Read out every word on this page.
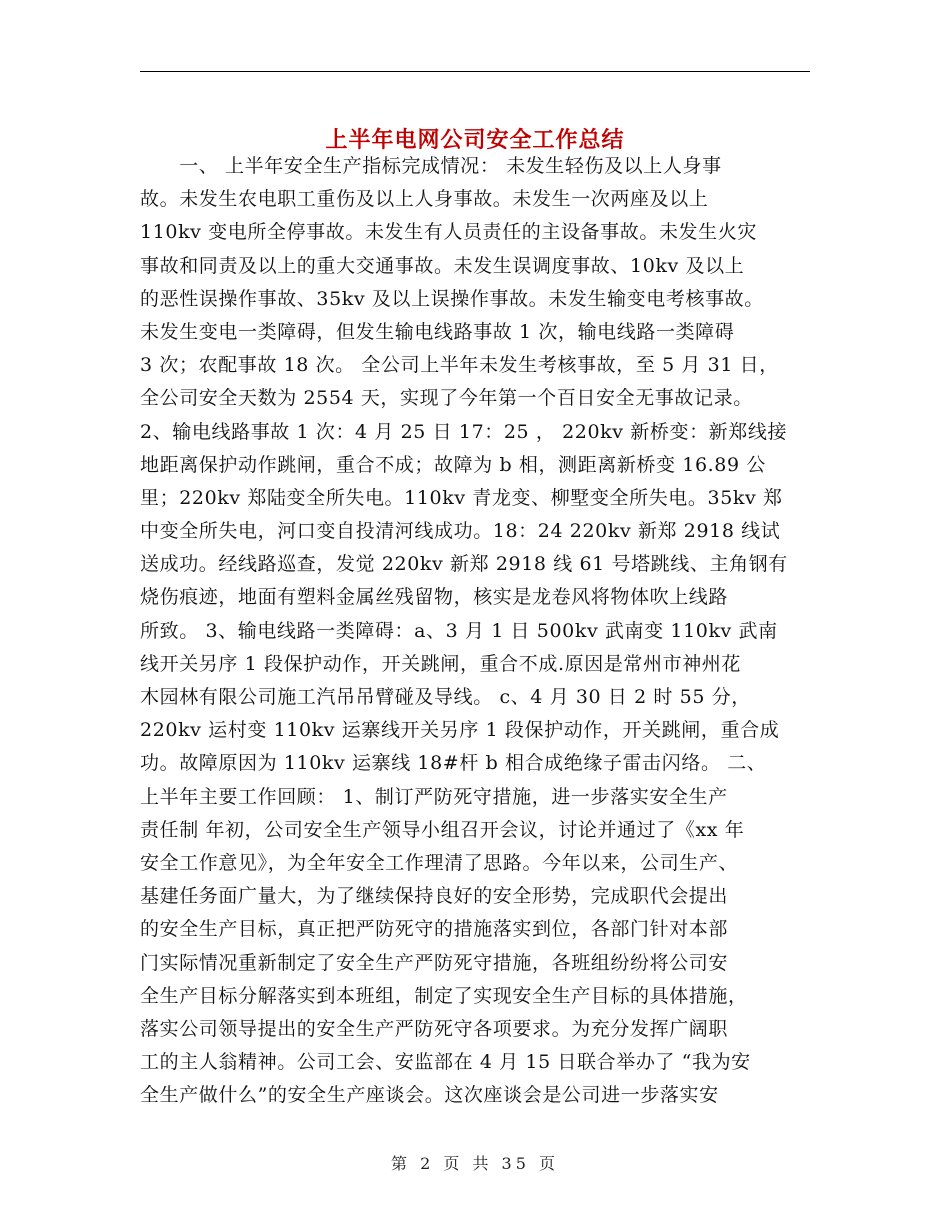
上半年电网公司安全工作总结
　　一、 上半年安全生产指标完成情况： 未发生轻伤及以上人身事
故。未发生农电职工重伤及以上人身事故。未发生一次两座及以上
110kv 变电所全停事故。未发生有人员责任的主设备事故。未发生火灾
事故和同责及以上的重大交通事故。未发生误调度事故、10kv 及以上
的恶性误操作事故、35kv 及以上误操作事故。未发生输变电考核事故。
未发生变电一类障碍，但发生输电线路事故 1 次，输电线路一类障碍
3 次；农配事故 18 次。 全公司上半年未发生考核事故，至 5 月 31 日，
全公司安全天数为 2554 天，实现了今年第一个百日安全无事故记录。
2、输电线路事故 1 次：4 月 25 日 17：25 ， 220kv 新桥变：新郑线接
地距离保护动作跳闸，重合不成；故障为 b 相，测距离新桥变 16.89 公
里；220kv 郑陆变全所失电。110kv 青龙变、柳墅变全所失电。35kv 郑
中变全所失电，河口变自投清河线成功。18：24 220kv 新郑 2918 线试
送成功。经线路巡查，发觉 220kv 新郑 2918 线 61 号塔跳线、主角钢有
烧伤痕迹，地面有塑料金属丝残留物，核实是龙卷风将物体吹上线路
所致。 3、输电线路一类障碍：a、3 月 1 日 500kv 武南变 110kv 武南
线开关另序 1 段保护动作，开关跳闸，重合不成.原因是常州市神州花
木园林有限公司施工汽吊吊臂碰及导线。 c、4 月 30 日 2 时 55 分，
220kv 运村变 110kv 运寨线开关另序 1 段保护动作，开关跳闸，重合成
功。故障原因为 110kv 运寨线 18#杆 b 相合成绝缘子雷击闪络。 二、
上半年主要工作回顾： 1、制订严防死守措施，进一步落实安全生产
责任制 年初，公司安全生产领导小组召开会议，讨论并通过了《xx 年
安全工作意见》，为全年安全工作理清了思路。今年以来，公司生产、
基建任务面广量大，为了继续保持良好的安全形势，完成职代会提出
的安全生产目标，真正把严防死守的措施落实到位，各部门针对本部
门实际情况重新制定了安全生产严防死守措施，各班组纷纷将公司安
全生产目标分解落实到本班组，制定了实现安全生产目标的具体措施，
落实公司领导提出的安全生产严防死守各项要求。为充分发挥广阔职
工的主人翁精神。公司工会、安监部在 4 月 15 日联合举办了 “我为安
全生产做什么”的安全生产座谈会。这次座谈会是公司进一步落实安
第 2 页 共 35 页
